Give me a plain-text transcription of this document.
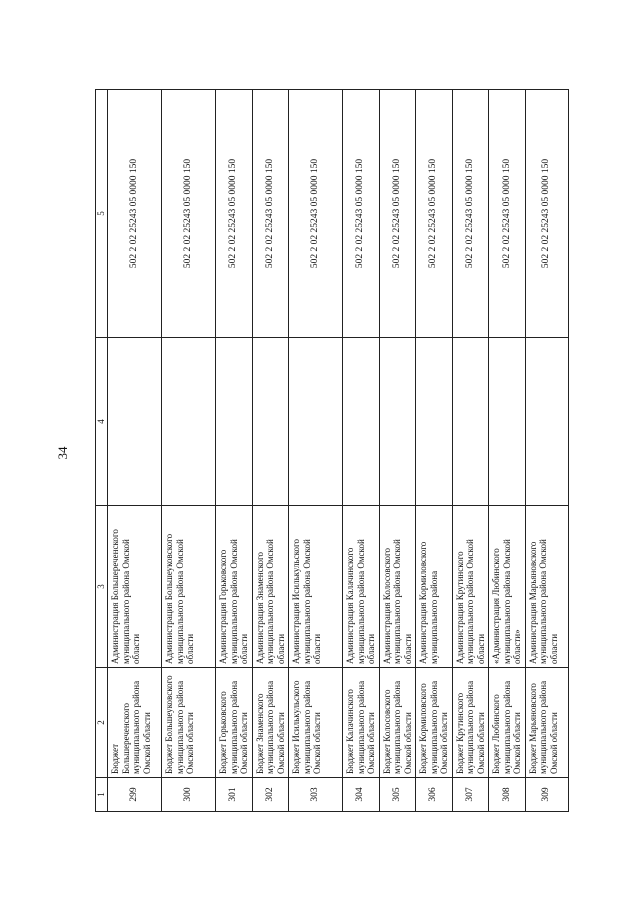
34
1	2	3	4	5
299	Бюджет Большереченского муниципального района Омской области	Администрация Большереченского муниципального района Омской области		502 2 02 25243 05 0000 150
300	Бюджет Большеуковского муниципального района Омской области	Администрация Большеуковского муниципального района Омской области		502 2 02 25243 05 0000 150
301	Бюджет Горьковского муниципального района Омской области	Администрация Горьковского муниципального района Омской области		502 2 02 25243 05 0000 150
302	Бюджет Знаменского муниципального района Омской области	Администрация Знаменского муниципального района Омской области		502 2 02 25243 05 0000 150
303	Бюджет Исилькульского муниципального района Омской области	Администрация Исилькульского муниципального района Омской области		502 2 02 25243 05 0000 150
304	Бюджет Калачинского муниципального района Омской области	Администрация Калачинского муниципального района Омской области		502 2 02 25243 05 0000 150
305	Бюджет Колосовского муниципального района Омской области	Администрация Колосовского муниципального района Омской области		502 2 02 25243 05 0000 150
306	Бюджет Кормиловского муниципального района Омской области	Администрация Кормиловского муниципального района		502 2 02 25243 05 0000 150
307	Бюджет Крутинского муниципального района Омской области	Администрация Крутинского муниципального района Омской области		502 2 02 25243 05 0000 150
308	Бюджет Любинского муниципального района Омской области	«Администрация Любинского муниципального района Омской области»		502 2 02 25243 05 0000 150
309	Бюджет Марьяновского муниципального района Омской области	Администрация Марьяновского муниципального района Омской области		502 2 02 25243 05 0000 150
